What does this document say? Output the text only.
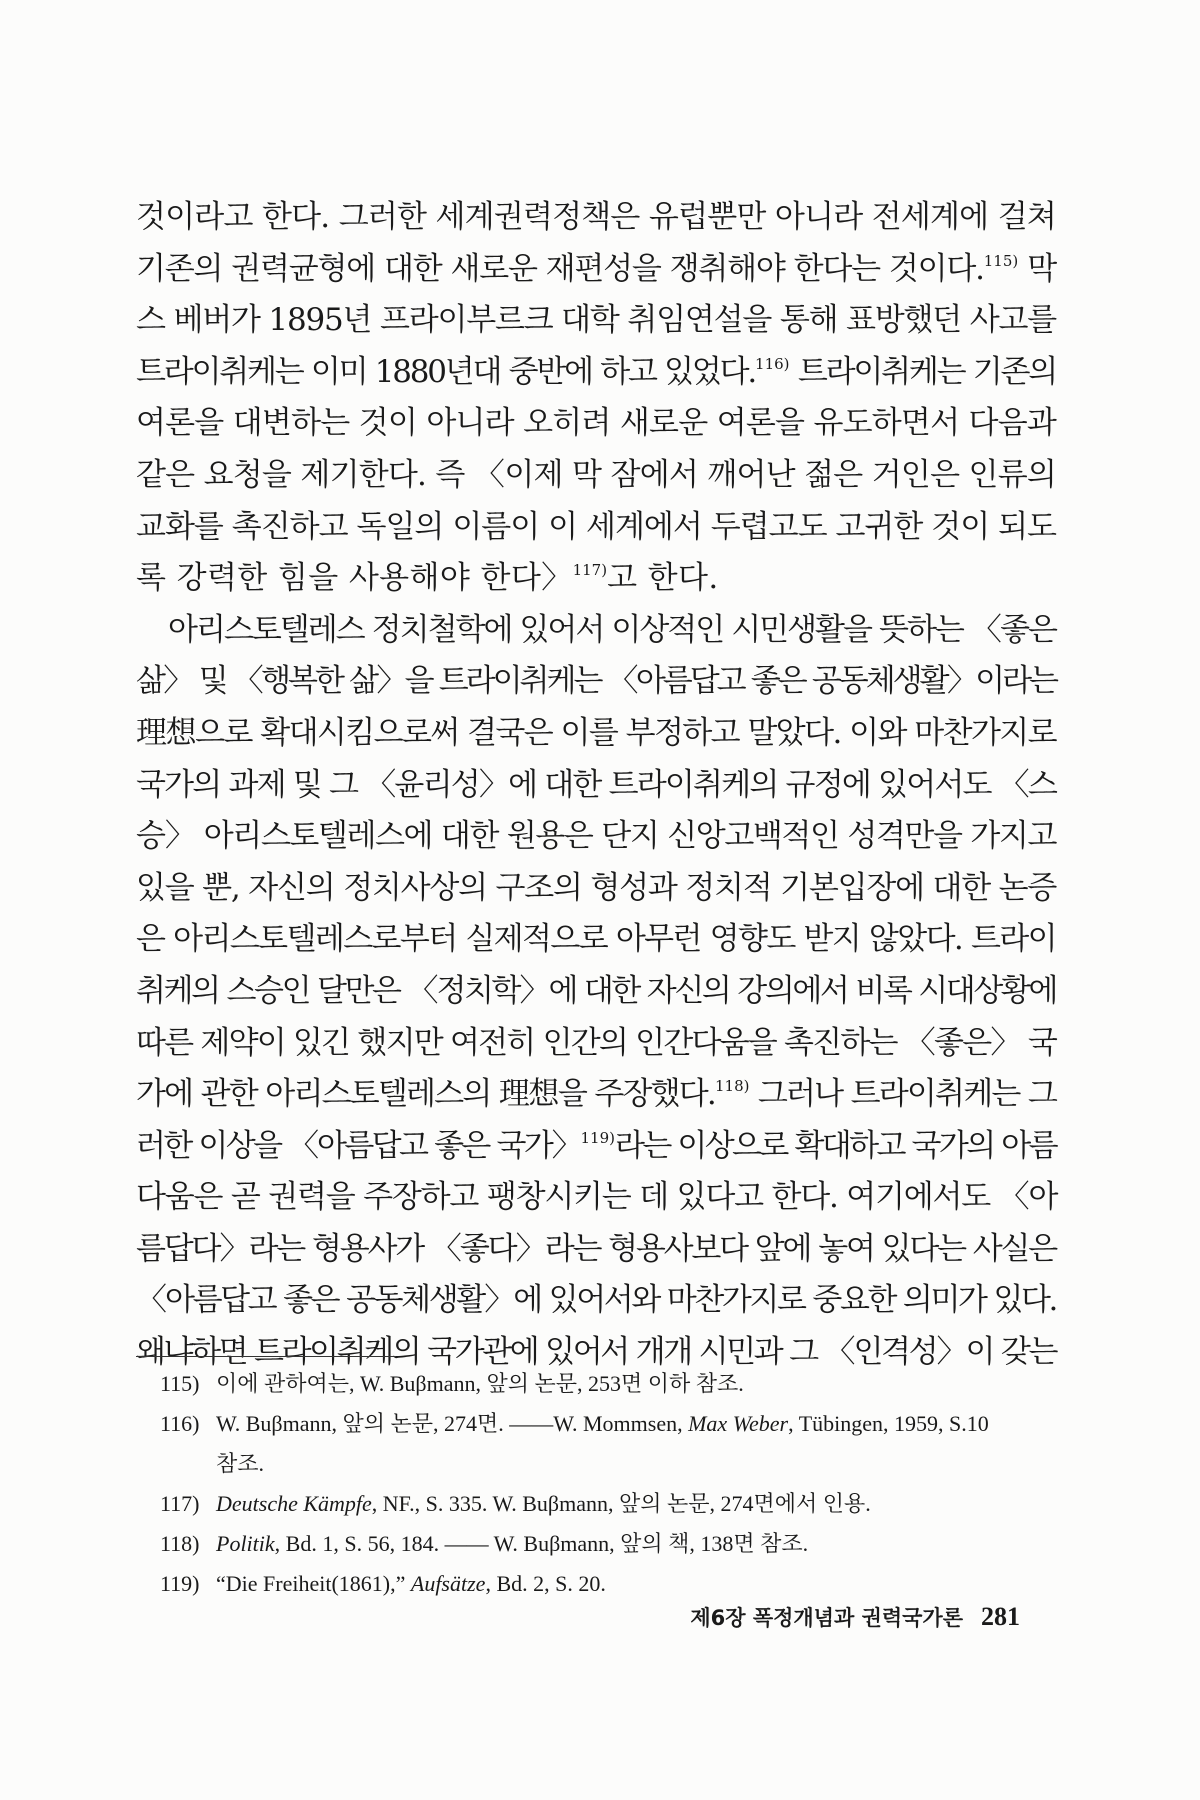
것이라고 한다. 그러한 세계권력정책은 유럽뿐만 아니라 전세계에 걸쳐
기존의 권력균형에 대한 새로운 재편성을 쟁취해야 한다는 것이다.$^{115)}$ 막
스 베버가 1895년 프라이부르크 대학 취임연설을 통해 표방했던 사고를
트라이취케는 이미 1880년대 중반에 하고 있었다.$^{116)}$ 트라이취케는 기존의
여론을 대변하는 것이 아니라 오히려 새로운 여론을 유도하면서 다음과
같은 요청을 제기한다. 즉 〈이제 막 잠에서 깨어난 젊은 거인은 인류의
교화를 촉진하고 독일의 이름이 이 세계에서 두렵고도 고귀한 것이 되도
록 강력한 힘을 사용해야 한다〉$^{117)}$고 한다.
아리스토텔레스 정치철학에 있어서 이상적인 시민생활을 뜻하는 〈좋은
삶〉 및 〈행복한 삶〉을 트라이취케는 〈아름답고 좋은 공동체생활〉이라는
理想으로 확대시킴으로써 결국은 이를 부정하고 말았다. 이와 마찬가지로
국가의 과제 및 그 〈윤리성〉에 대한 트라이취케의 규정에 있어서도 〈스
승〉 아리스토텔레스에 대한 원용은 단지 신앙고백적인 성격만을 가지고
있을 뿐, 자신의 정치사상의 구조의 형성과 정치적 기본입장에 대한 논증
은 아리스토텔레스로부터 실제적으로 아무런 영향도 받지 않았다. 트라이
취케의 스승인 달만은 〈정치학〉에 대한 자신의 강의에서 비록 시대상황에
따른 제약이 있긴 했지만 여전히 인간의 인간다움을 촉진하는 〈좋은〉 국
가에 관한 아리스토텔레스의 理想을 주장했다.$^{118)}$ 그러나 트라이취케는 그
러한 이상을 〈아름답고 좋은 국가〉$^{119)}$라는 이상으로 확대하고 국가의 아름
다움은 곧 권력을 주장하고 팽창시키는 데 있다고 한다. 여기에서도 〈아
름답다〉라는 형용사가 〈좋다〉라는 형용사보다 앞에 놓여 있다는 사실은
〈아름답고 좋은 공동체생활〉에 있어서와 마찬가지로 중요한 의미가 있다.
왜냐하면 트라이취케의 국가관에 있어서 개개 시민과 그 〈인격성〉이 갖는
115) 이에 관하여는, W. Buβmann, 앞의 논문, 253면 이하 참조.
116) W. Buβmann, 앞의 논문, 274면. ——W. Mommsen, Max Weber, Tübingen, 1959, S.10
참조.
117) Deutsche Kämpfe, NF., S. 335. W. Buβmann, 앞의 논문, 274면에서 인용.
118) Politik, Bd. 1, S. 56, 184. —— W. Buβmann, 앞의 책, 138면 참조.
119) “Die Freiheit(1861),” Aufsätze, Bd. 2, S. 20.
제6장 폭정개념과 권력국가론 281
